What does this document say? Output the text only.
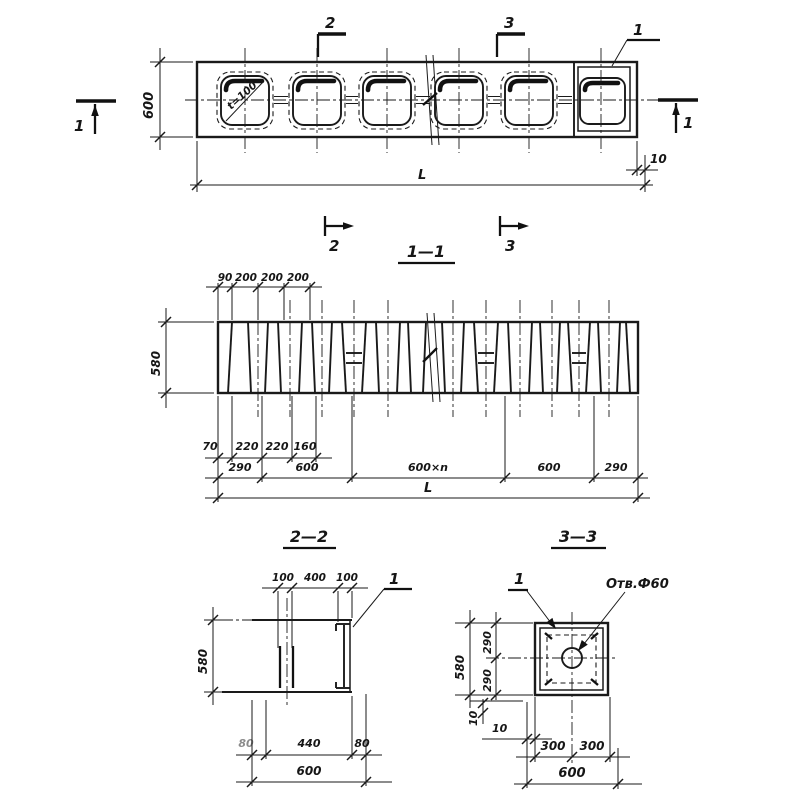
t=100
2	3
2	3
1	1
1
600
L
10
1—1
90 200 200 200
580
70 220 220 160
290	600	600×n	600	290
L
2—2
1
100 400 100
580
80	440	80
600
3—3
1	Отв.Ф60
580
290
290
10
10
300 300
600
